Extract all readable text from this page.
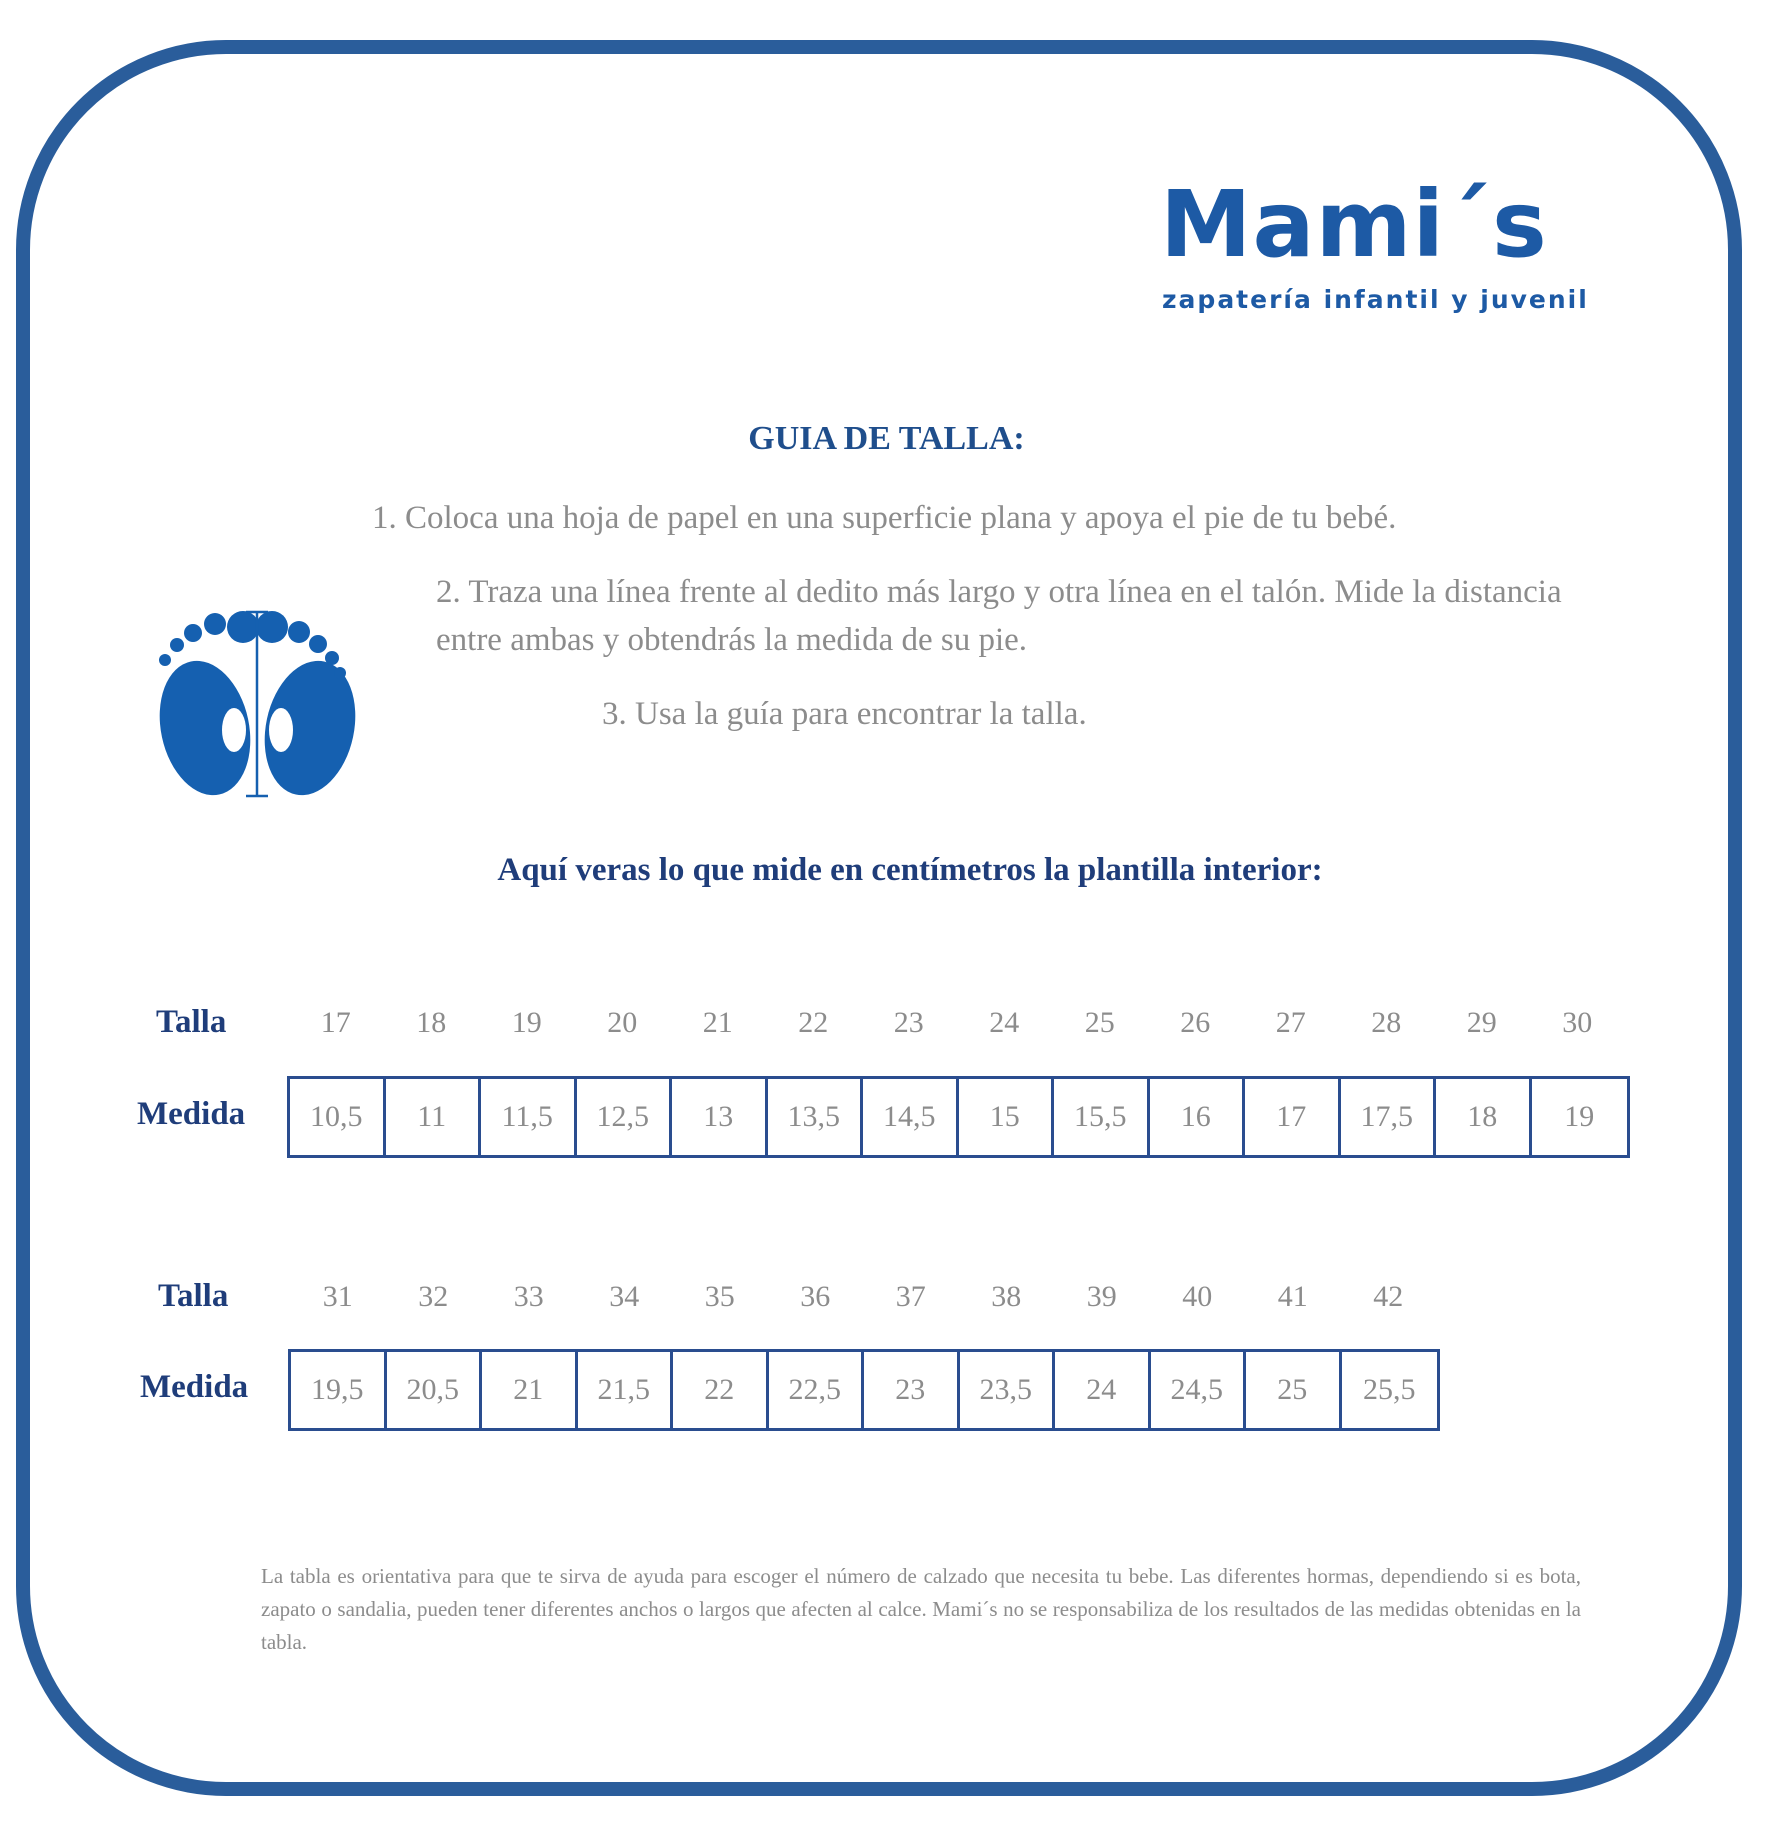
Mami´s
zapatería infantil y juvenil
GUIA DE TALLA:
1. Coloca una hoja de papel en una superficie plana y apoya el pie de tu bebé.
2. Traza una línea frente al dedito más largo y otra línea en el talón. Mide la distancia entre ambas y obtendrás la medida de su pie.
3. Usa la guía para encontrar la talla.
Aquí veras lo que mide en centímetros la plantilla interior:
Talla	17	18	19	20	21	22	23	24	25	26	27	28	29	30
Medida	10,5	11	11,5	12,5	13	13,5	14,5	15	15,5	16	17	17,5	18	19
Talla	31	32	33	34	35	36	37	38	39	40	41	42
Medida	19,5	20,5	21	21,5	22	22,5	23	23,5	24	24,5	25	25,5
La tabla es orientativa para que te sirva de ayuda para escoger el número de calzado que necesita tu bebe. Las diferentes hormas, dependiendo si es bota, zapato o sandalia, pueden tener diferentes anchos o largos que afecten al calce. Mami´s no se responsabiliza de los resultados de las medidas obtenidas en la tabla.
